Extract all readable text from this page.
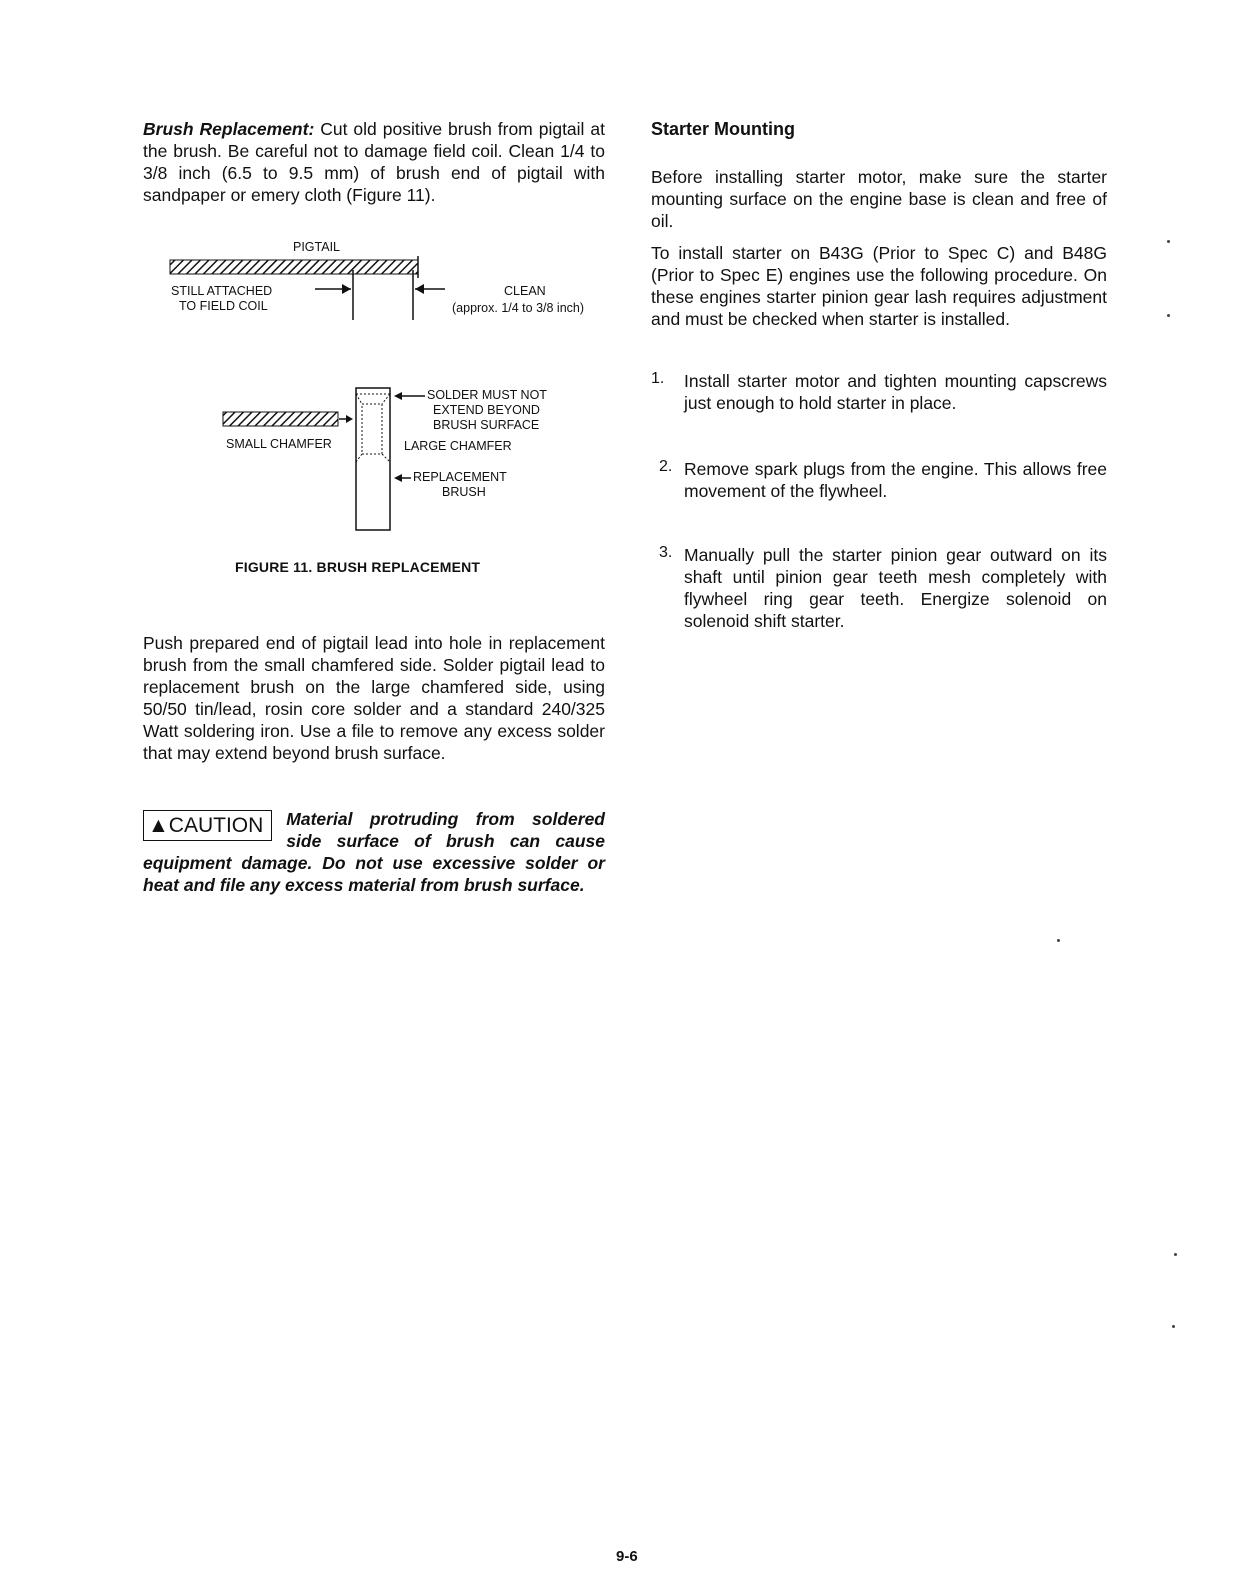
Brush Replacement: Cut old positive brush from pigtail at the brush. Be careful not to damage field coil. Clean 1/4 to 3/8 inch (6.5 to 9.5 mm) of brush end of pigtail with sandpaper or emery cloth (Figure 11).

PIGTAIL
STILL ATTACHED
TO FIELD COIL
CLEAN
(approx. 1/4 to 3/8 inch)
SOLDER MUST NOT
EXTEND BEYOND
BRUSH SURFACE
SMALL CHAMFER	LARGE CHAMFER
REPLACEMENT
BRUSH
FIGURE 11. BRUSH REPLACEMENT

Push prepared end of pigtail lead into hole in replacement brush from the small chamfered side. Solder pigtail lead to replacement brush on the large chamfered side, using 50/50 tin/lead, rosin core solder and a standard 240/325 Watt soldering iron. Use a file to remove any excess solder that may extend beyond brush surface.

▲CAUTION	Material protruding from soldered side surface of brush can cause equipment damage. Do not use excessive solder or heat and file any excess material from brush surface.

Starter Mounting

Before installing starter motor, make sure the starter mounting surface on the engine base is clean and free of oil.

To install starter on B43G (Prior to Spec C) and B48G (Prior to Spec E) engines use the following procedure. On these engines starter pinion gear lash requires adjustment and must be checked when starter is installed.

1. Install starter motor and tighten mounting capscrews just enough to hold starter in place.

2. Remove spark plugs from the engine. This allows free movement of the flywheel.

3. Manually pull the starter pinion gear outward on its shaft until pinion gear teeth mesh completely with flywheel ring gear teeth. Energize solenoid on solenoid shift starter.

9-6
